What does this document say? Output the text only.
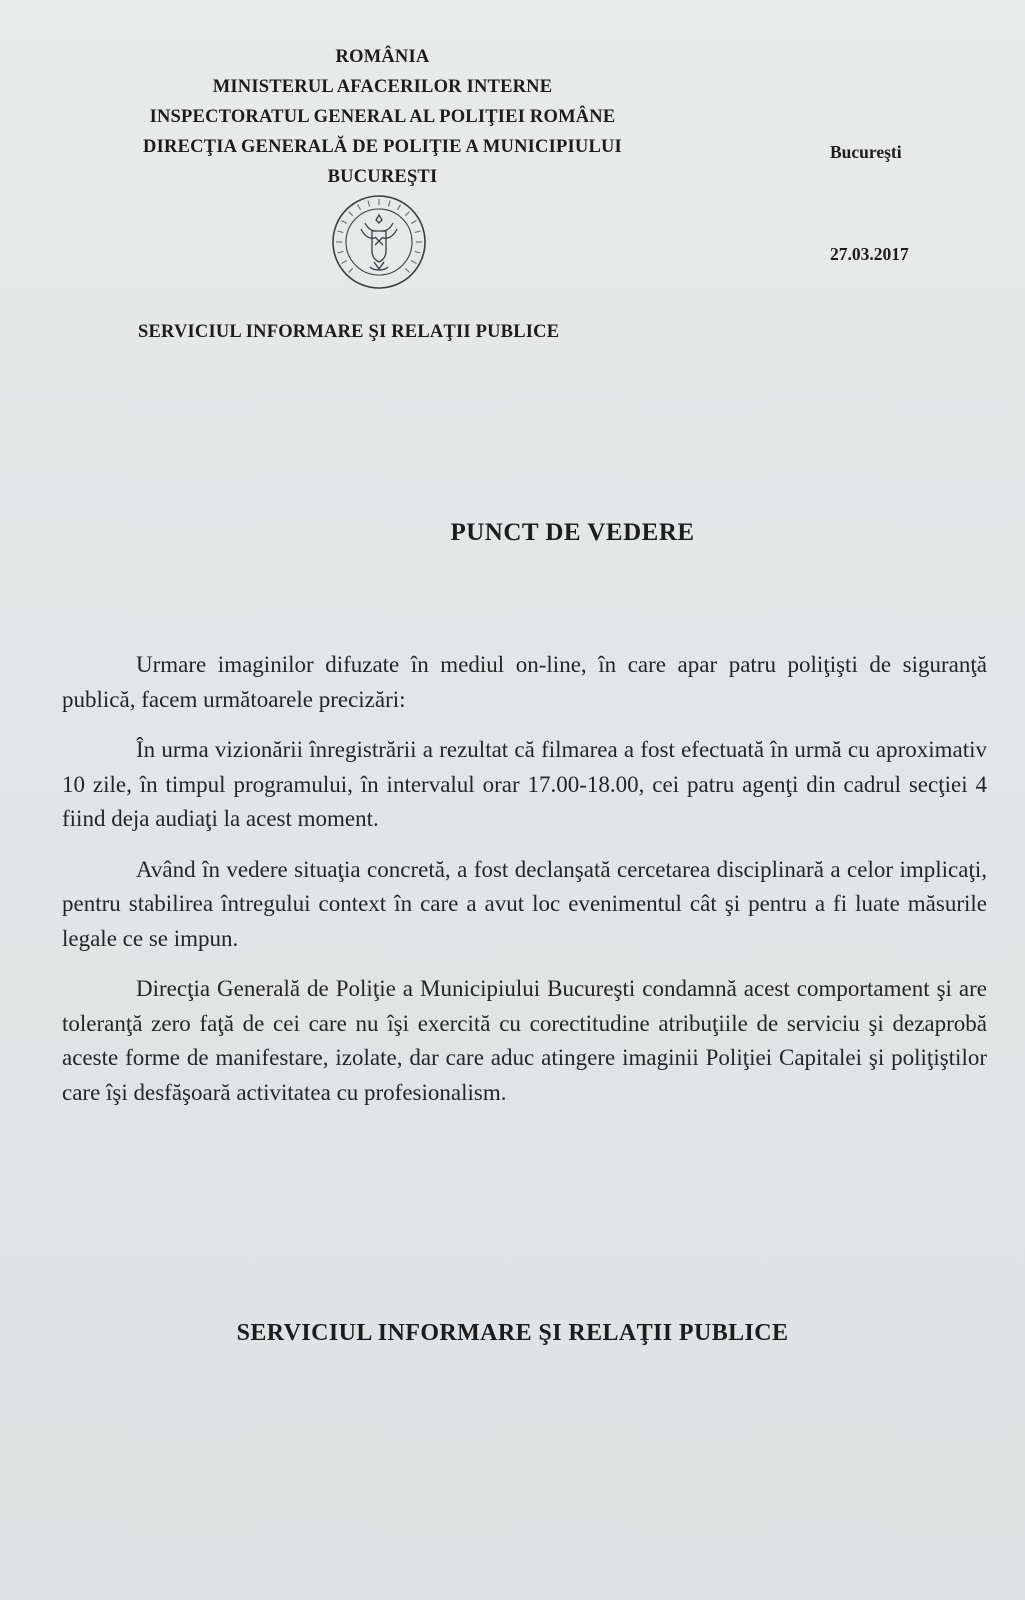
ROMÂNIA
MINISTERUL AFACERILOR INTERNE
INSPECTORATUL GENERAL AL POLIŢIEI ROMÂNE
DIRECŢIA GENERALĂ DE POLIŢIE A MUNICIPIULUI
BUCUREŞTI
Bucureşti
27.03.2017
SERVICIUL INFORMARE ŞI RELAŢII PUBLICE
PUNCT DE VEDERE

Urmare imaginilor difuzate în mediul on-line, în care apar patru poliţişti de siguranţă publică, facem următoarele precizări:

În urma vizionării înregistrării a rezultat că filmarea a fost efectuată în urmă cu aproximativ 10 zile, în timpul programului, în intervalul orar 17.00-18.00, cei patru agenţi din cadrul secţiei 4 fiind deja audiaţi la acest moment.

Având în vedere situaţia concretă, a fost declanşată cercetarea disciplinară a celor implicaţi, pentru stabilirea întregului context în care a avut loc evenimentul cât şi pentru a fi luate măsurile legale ce se impun.

Direcţia Generală de Poliţie a Municipiului Bucureşti condamnă acest comportament şi are toleranţă zero faţă de cei care nu îşi exercită cu corectitudine atribuţiile de serviciu şi dezaprobă aceste forme de manifestare, izolate, dar care aduc atingere imaginii Poliţiei Capitalei şi poliţiştilor care îşi desfăşoară activitatea cu profesionalism.

SERVICIUL INFORMARE ŞI RELAŢII PUBLICE
